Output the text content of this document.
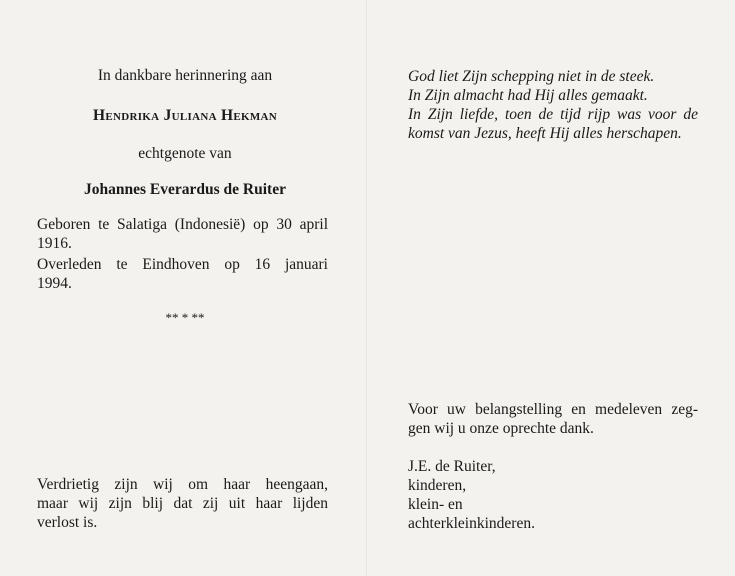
In dankbare herinnering aan
Hendrika Juliana Hekman
echtgenote van
Johannes Everardus de Ruiter
Geboren te Salatiga (Indonesië) op 30 april
1916.
Overleden te Eindhoven op 16 januari
1994.
** * **
Verdrietig zijn wij om haar heengaan,
maar wij zijn blij dat zij uit haar lijden
verlost is.
God liet Zijn schepping niet in de steek.
In Zijn almacht had Hij alles gemaakt.
In Zijn liefde, toen de tijd rijp was voor de
komst van Jezus, heeft Hij alles herschapen.
Voor uw belangstelling en medeleven zeg-
gen wij u onze oprechte dank.
J.E. de Ruiter,
kinderen,
klein- en
achterkleinkinderen.
